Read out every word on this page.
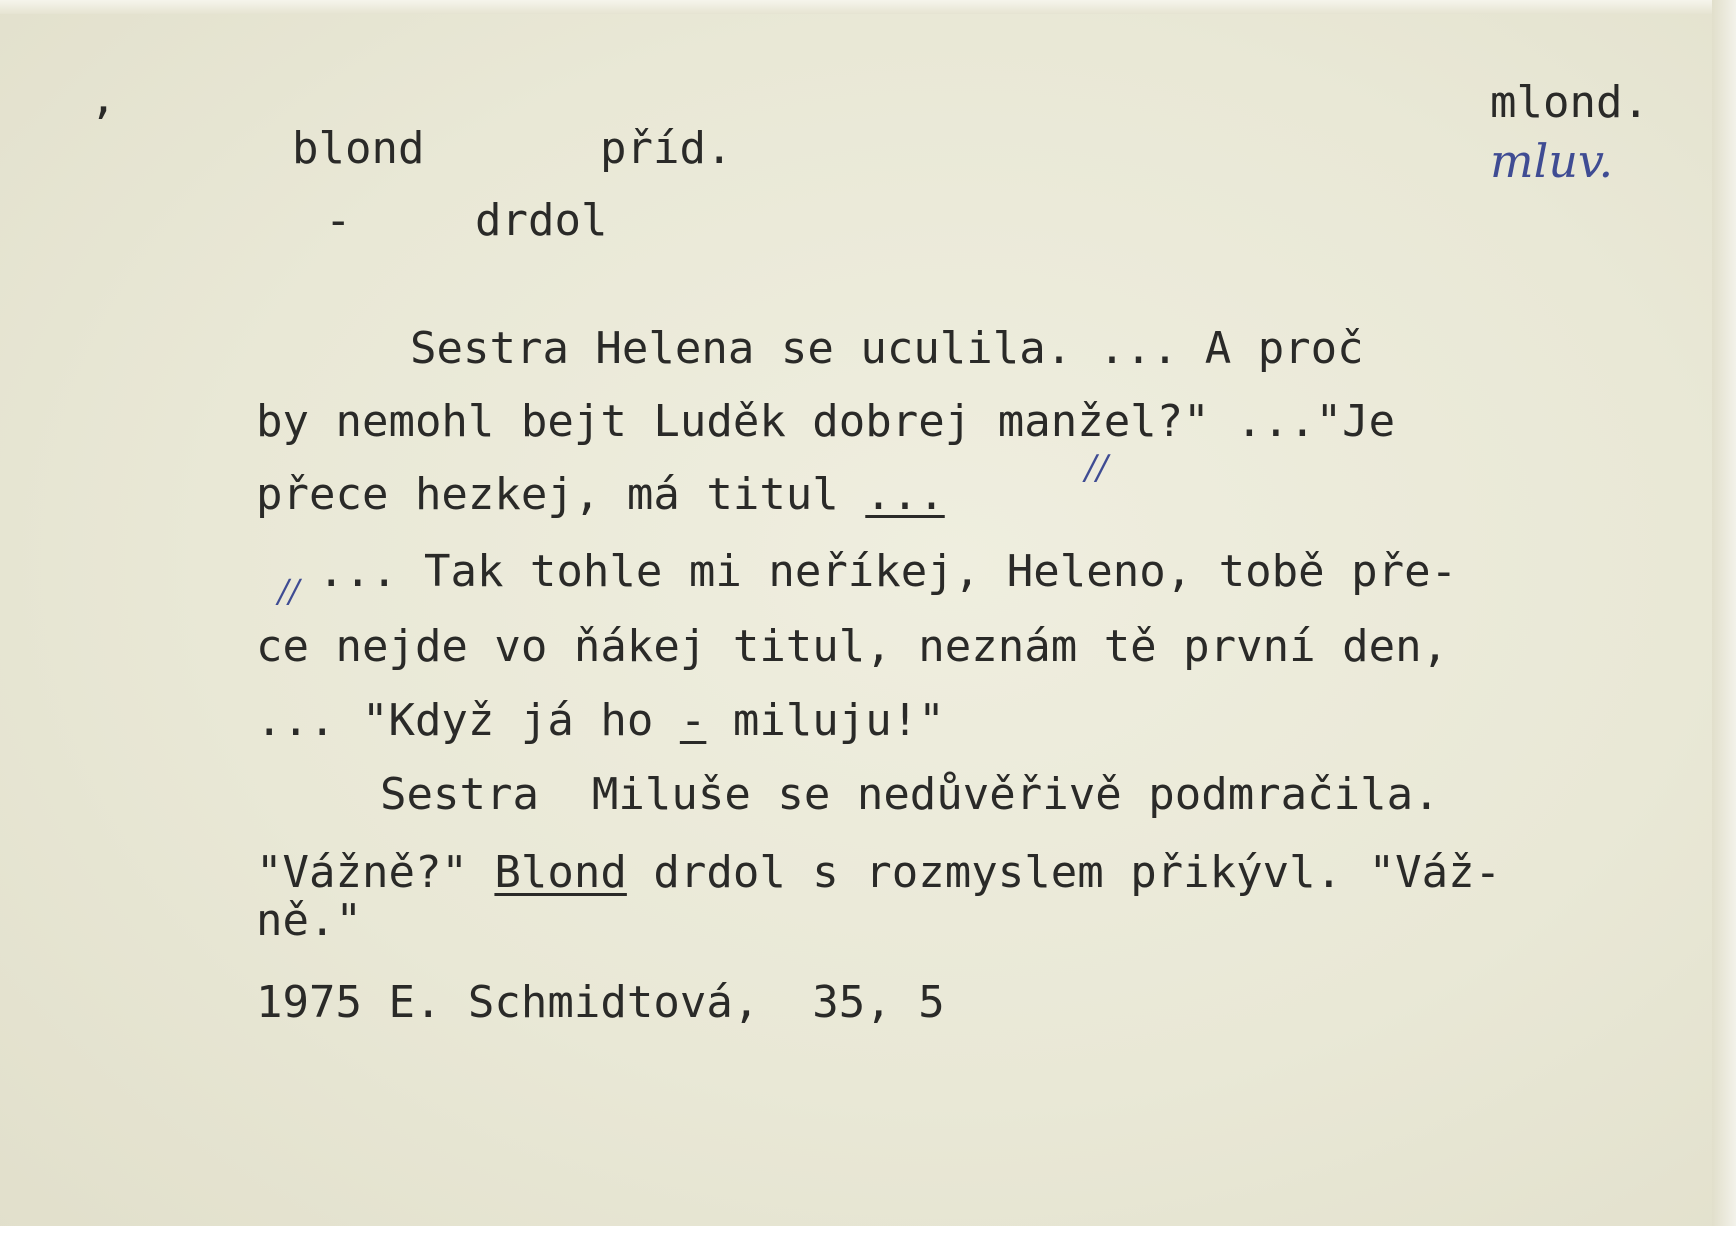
,
blond	příd.
mlond.
mluv.
-	drdol
Sestra Helena se uculila. ... A proč
by nemohl bejt Luděk dobrej manžel?" ..."Je
přece hezkej, má titul ...
//
// ... Tak tohle mi neříkej, Heleno, tobě pře-
ce nejde vo ňákej titul, neznám tě první den,
... "Když já ho - miluju!"
Sestra  Miluše se nedůvěřivě podmračila.
"Vážně?" Blond drdol s rozmyslem přikývl. "Váž-
ně."
1975 E. Schmidtová,  35, 5
